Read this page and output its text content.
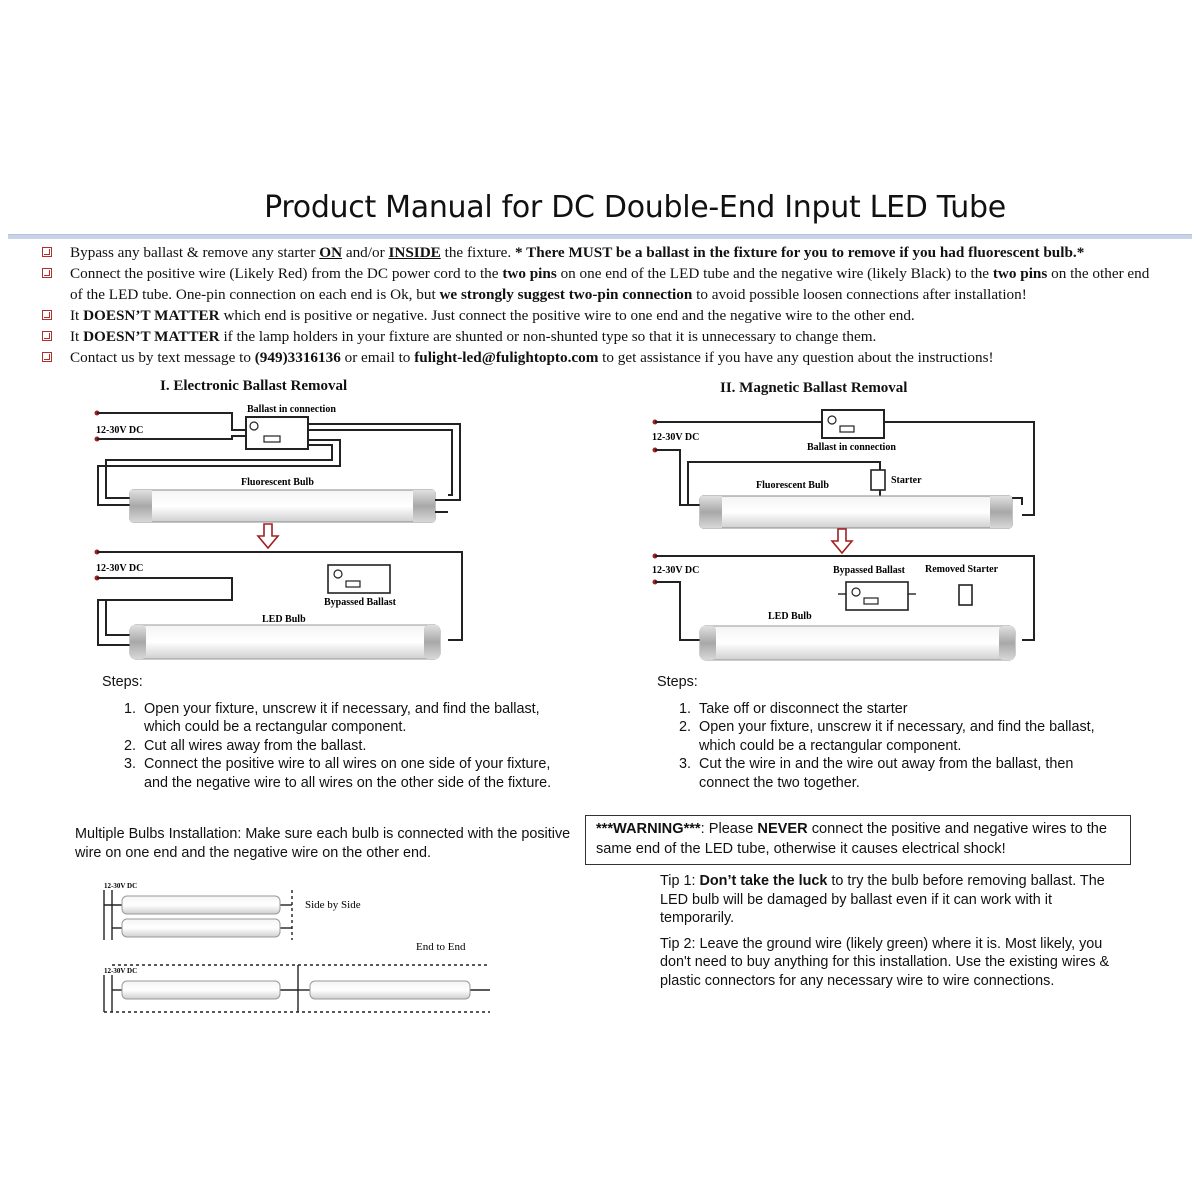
Product Manual for DC Double-End Input LED Tube
Bypass any ballast & remove any starter ON and/or INSIDE the fixture. * There MUST be a ballast in the fixture for you to remove if you had fluorescent bulb.*
Connect the positive wire (Likely Red) from the DC power cord to the two pins on one end of the LED tube and the negative wire (likely Black) to the two pins on the other end of the LED tube. One-pin connection on each end is Ok, but we strongly suggest two-pin connection to avoid possible loosen connections after installation!
It DOESN’T MATTER which end is positive or negative. Just connect the positive wire to one end and the negative wire to the other end.
It DOESN’T MATTER if the lamp holders in your fixture are shunted or non-shunted type so that it is unnecessary to change them.
Contact us by text message to (949)3316136 or email to fulight-led@fulightopto.com to get assistance if you have any question about the instructions!
I. Electronic Ballast Removal	II. Magnetic Ballast Removal
Ballast in connection
12-30V DC
Fluorescent Bulb
12-30V DC
Bypassed Ballast
LED Bulb
12-30V DC
Ballast in connection
Fluorescent Bulb	Starter
12-30V DC	Bypassed Ballast Removed Starter
LED Bulb
12-30V DC
Side by Side
End to End
12-30V DC
Steps:
1. Open your fixture, unscrew it if necessary, and find the ballast, which could be a rectangular component.
2. Cut all wires away from the ballast.
3. Connect the positive wire to all wires on one side of your fixture, and the negative wire to all wires on the other side of the fixture.
Steps:
1. Take off or disconnect the starter
2. Open your fixture, unscrew it if necessary, and find the ballast, which could be a rectangular component.
3. Cut the wire in and the wire out away from the ballast, then connect the two together.
Multiple Bulbs Installation: Make sure each bulb is connected with the positive wire on one end and the negative wire on the other end.
***WARNING***: Please NEVER connect the positive and negative wires to the same end of the LED tube, otherwise it causes electrical shock!

Tip 1: Don’t take the luck to try the bulb before removing ballast. The LED bulb will be damaged by ballast even if it can work with it temporarily.

Tip 2: Leave the ground wire (likely green) where it is. Most likely, you don't need to buy anything for this installation. Use the existing wires & plastic connectors for any necessary wire to wire connections.
